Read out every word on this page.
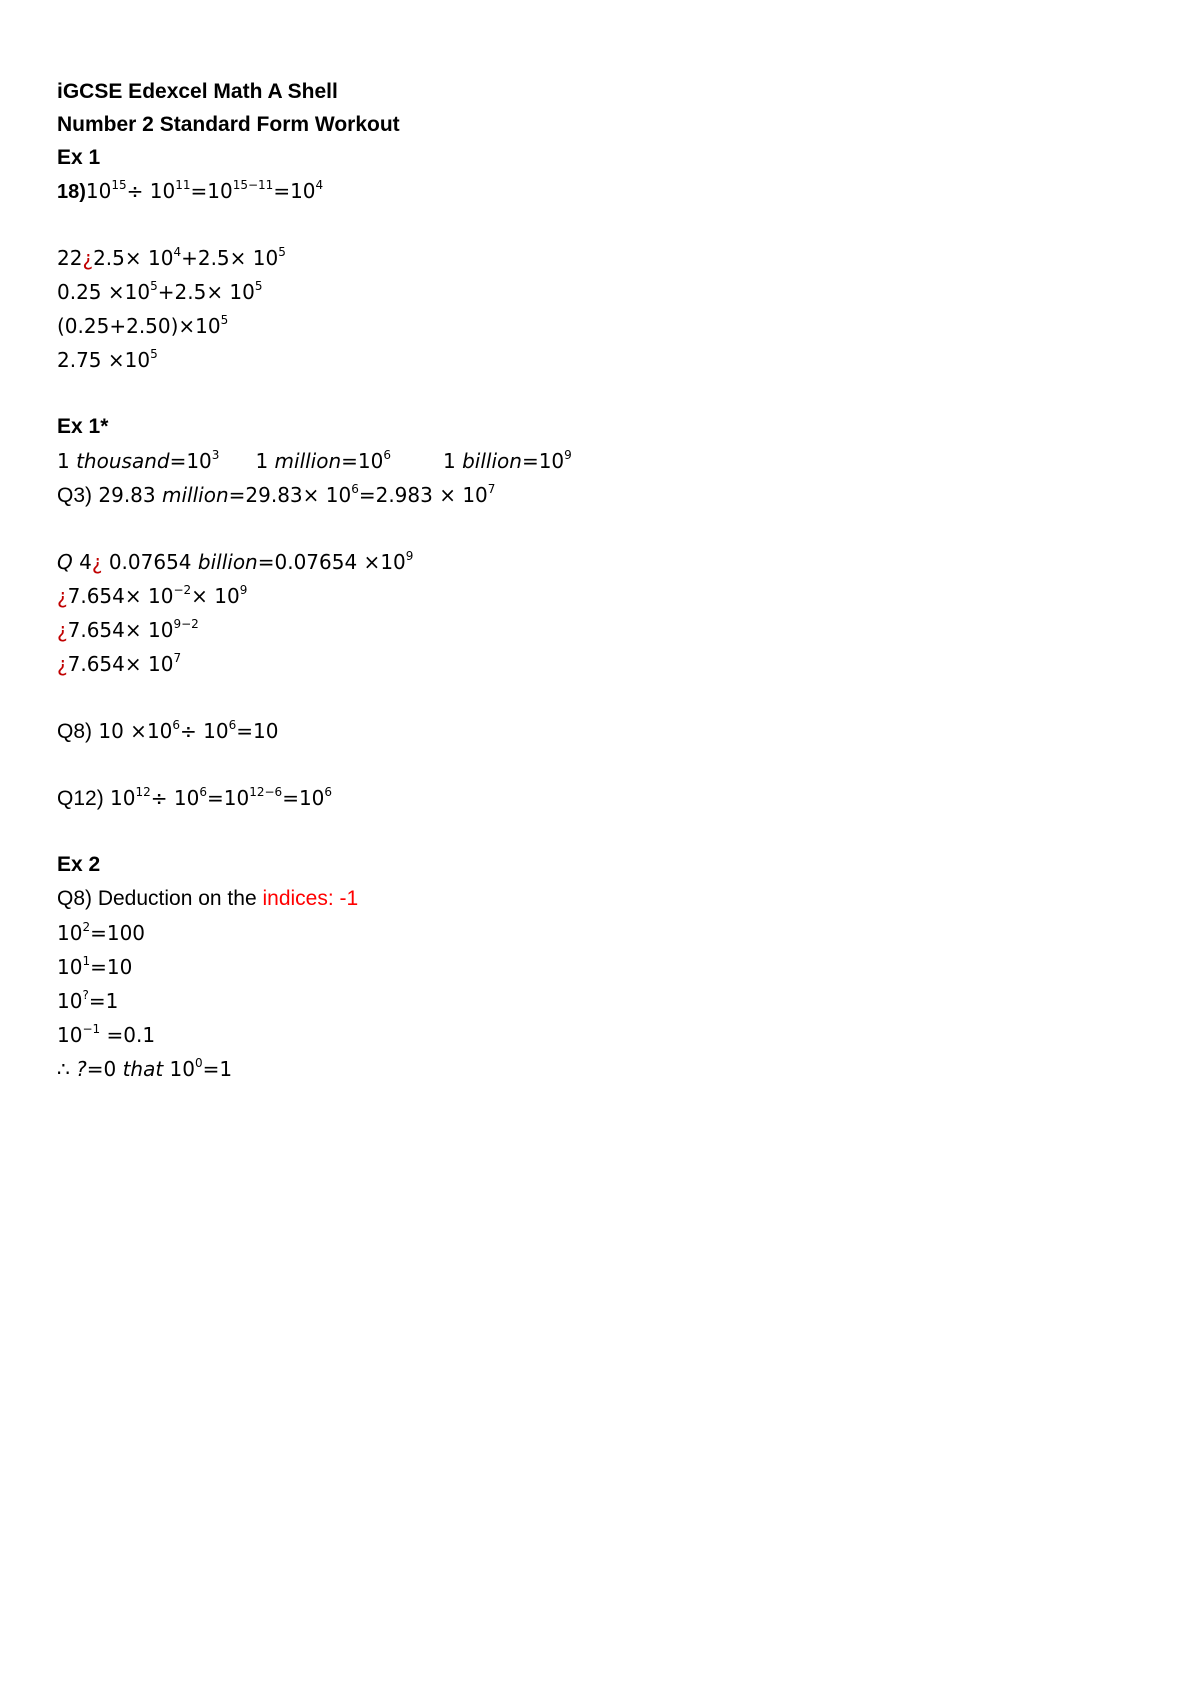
iGCSE Edexcel Math A Shell
Number 2 Standard Form Workout
Ex 1
$18)10^{15}\div 10^{11}=10^{15-11}=10^4$
22¿2.5× $10^4+2.5\times 10^5$
$0.25 \times 10^5+2.5\times 10^5$
$(0.25+2.50)\times 10^5$
$2.75 \times 10^5$
Ex 1*
1 $thousand=10^3$ 1 $million=10^6$	1 $billion=10^9$
Q3) 29.83 million=29.83× $10^6=2.983 \times 10^7$
Q 4¿ 0.07654 billion=0.07654 $\times 10^9$
¿$7.654\times 10^{-2}\times 10^9$
¿$7.654\times 10^{9-2}$
¿$7.654\times 10^7$
Q8) $10 \times 10^6\div 10^6=10$
Q12) $10^{12}\div 10^6=10^{12-6}=10^6$
Ex 2
Q8) Deduction on the indices: -1
$10^2=100$
$10^1=10$
10?=1
$10^{-1} =0.1$
∴ ?=0 that $10^0=1$
